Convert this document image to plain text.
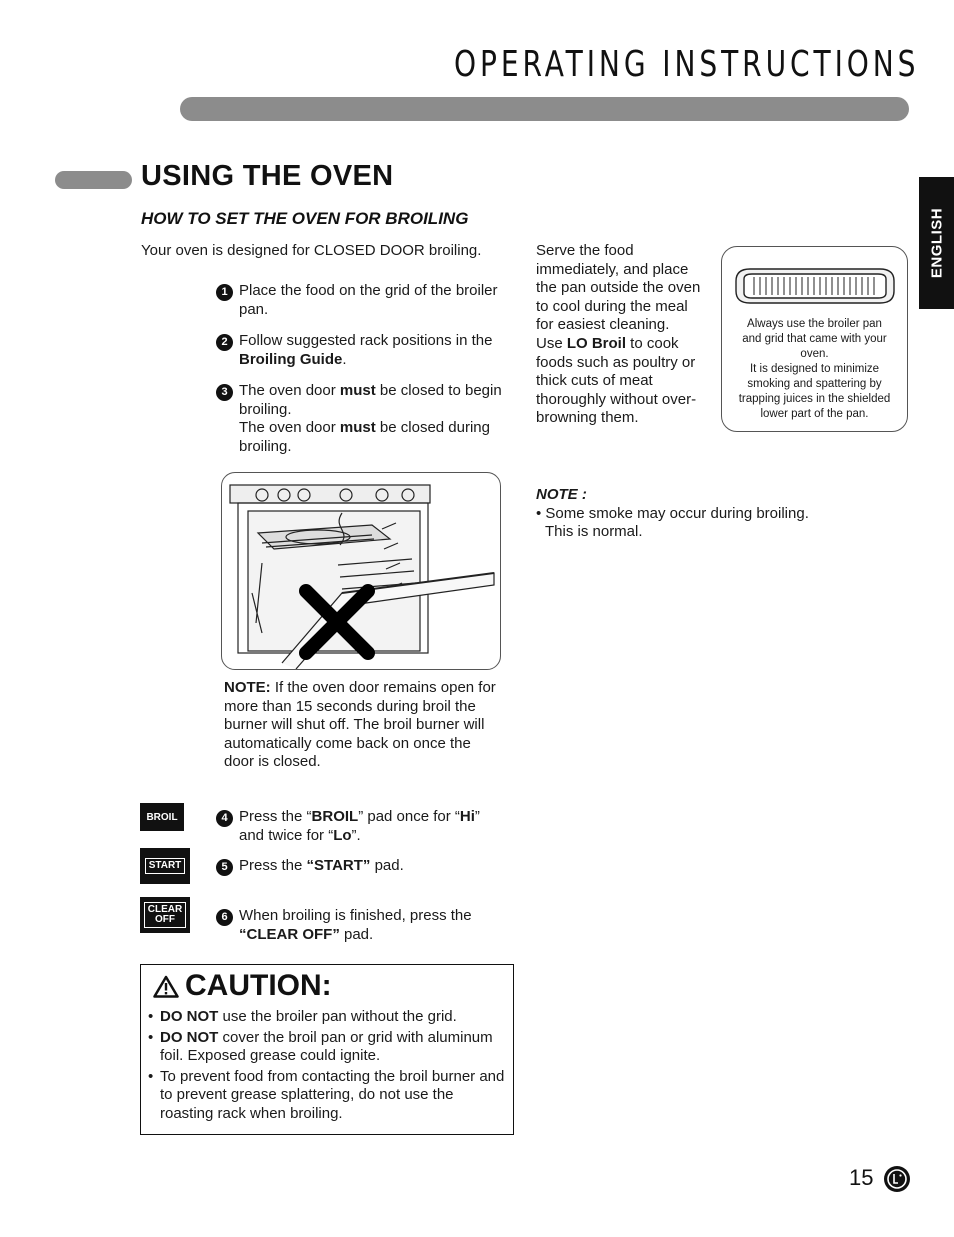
OPERATING INSTRUCTIONS
ENGLISH
USING THE OVEN
HOW TO SET THE OVEN FOR BROILING
Your oven is designed for CLOSED DOOR broiling.
1 Place the food on the grid of the broiler pan.
2 Follow suggested rack positions in the Broiling Guide.
3 The oven door must be closed to begin broiling.
The oven door must be closed during broiling.
NOTE: If the oven door remains open for more than 15 seconds during broil the burner will shut off. The broil burner will automatically come back on once the door is closed.
BROIL	4 Press the “BROIL” pad once for “Hi” and twice for “Lo”.
START	5 Press the “START” pad.
CLEAR
OFF	6 When broiling is finished, press the “CLEAR OFF” pad.
CAUTION:
• DO NOT use the broiler pan without the grid.
• DO NOT cover the broil pan or grid with aluminum foil. Exposed grease could ignite.
• To prevent food from contacting the broil burner and to prevent grease splattering, do not use the roasting rack when broiling.
Serve the food immediately, and place the pan outside the oven to cool during the meal for easiest cleaning.
Use LO Broil to cook foods such as poultry or thick cuts of meat thoroughly without over-browning them.
Always use the broiler pan and grid that came with your oven.
It is designed to minimize smoking and spattering by trapping juices in the shielded lower part of the pan.
NOTE :
• Some smoke may occur during broiling.
This is normal.
15
